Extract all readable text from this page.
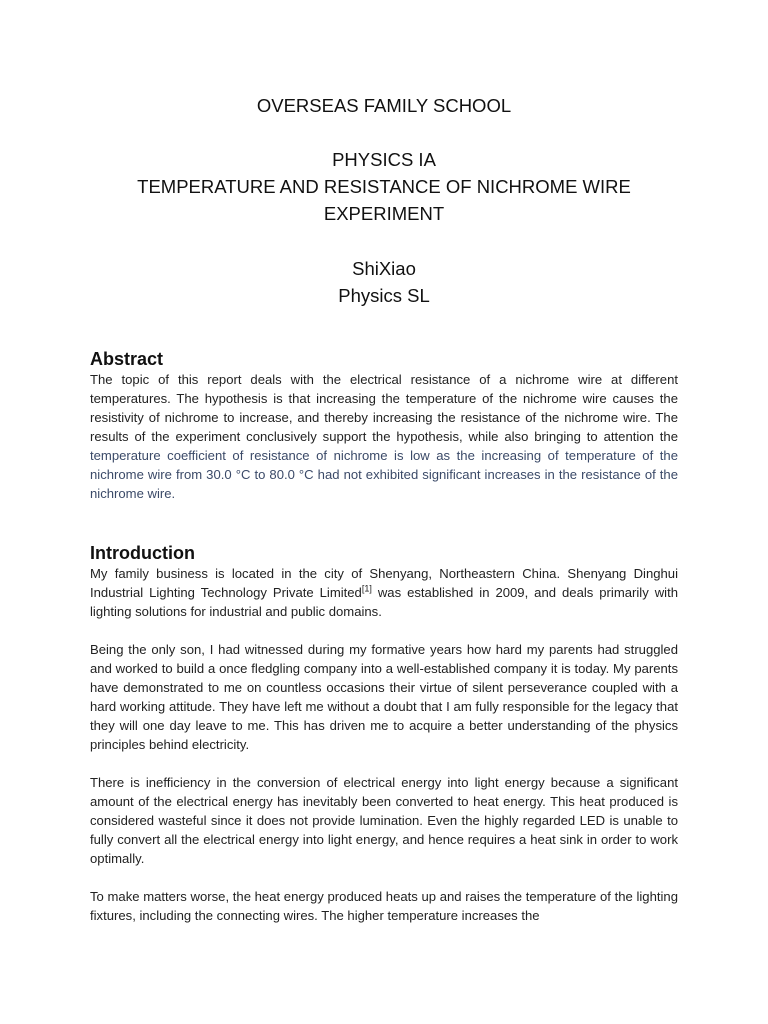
OVERSEAS FAMILY SCHOOL
PHYSICS IA
TEMPERATURE AND RESISTANCE OF NICHROME WIRE
EXPERIMENT
ShiXiao
Physics SL
Abstract

The topic of this report deals with the electrical resistance of a nichrome wire at different temperatures. The hypothesis is that increasing the temperature of the nichrome wire causes the resistivity of nichrome to increase, and thereby increasing the resistance of the nichrome wire. The results of the experiment conclusively support the hypothesis, while also bringing to attention the temperature coefficient of resistance of nichrome is low as the increasing of temperature of the nichrome wire from 30.0 °C to 80.0 °C had not exhibited significant increases in the resistance of the nichrome wire.

Introduction

My family business is located in the city of Shenyang, Northeastern China. Shenyang Dinghui Industrial Lighting Technology Private Limited[1] was established in 2009, and deals primarily with lighting solutions for industrial and public domains.

Being the only son, I had witnessed during my formative years how hard my parents had struggled and worked to build a once fledgling company into a well-established company it is today. My parents have demonstrated to me on countless occasions their virtue of silent perseverance coupled with a hard working attitude. They have left me without a doubt that I am fully responsible for the legacy that they will one day leave to me. This has driven me to acquire a better understanding of the physics principles behind electricity.

There is inefficiency in the conversion of electrical energy into light energy because a significant amount of the electrical energy has inevitably been converted to heat energy. This heat produced is considered wasteful since it does not provide lumination. Even the highly regarded LED is unable to fully convert all the electrical energy into light energy, and hence requires a heat sink in order to work optimally.

To make matters worse, the heat energy produced heats up and raises the temperature of the lighting fixtures, including the connecting wires. The higher temperature increases the
